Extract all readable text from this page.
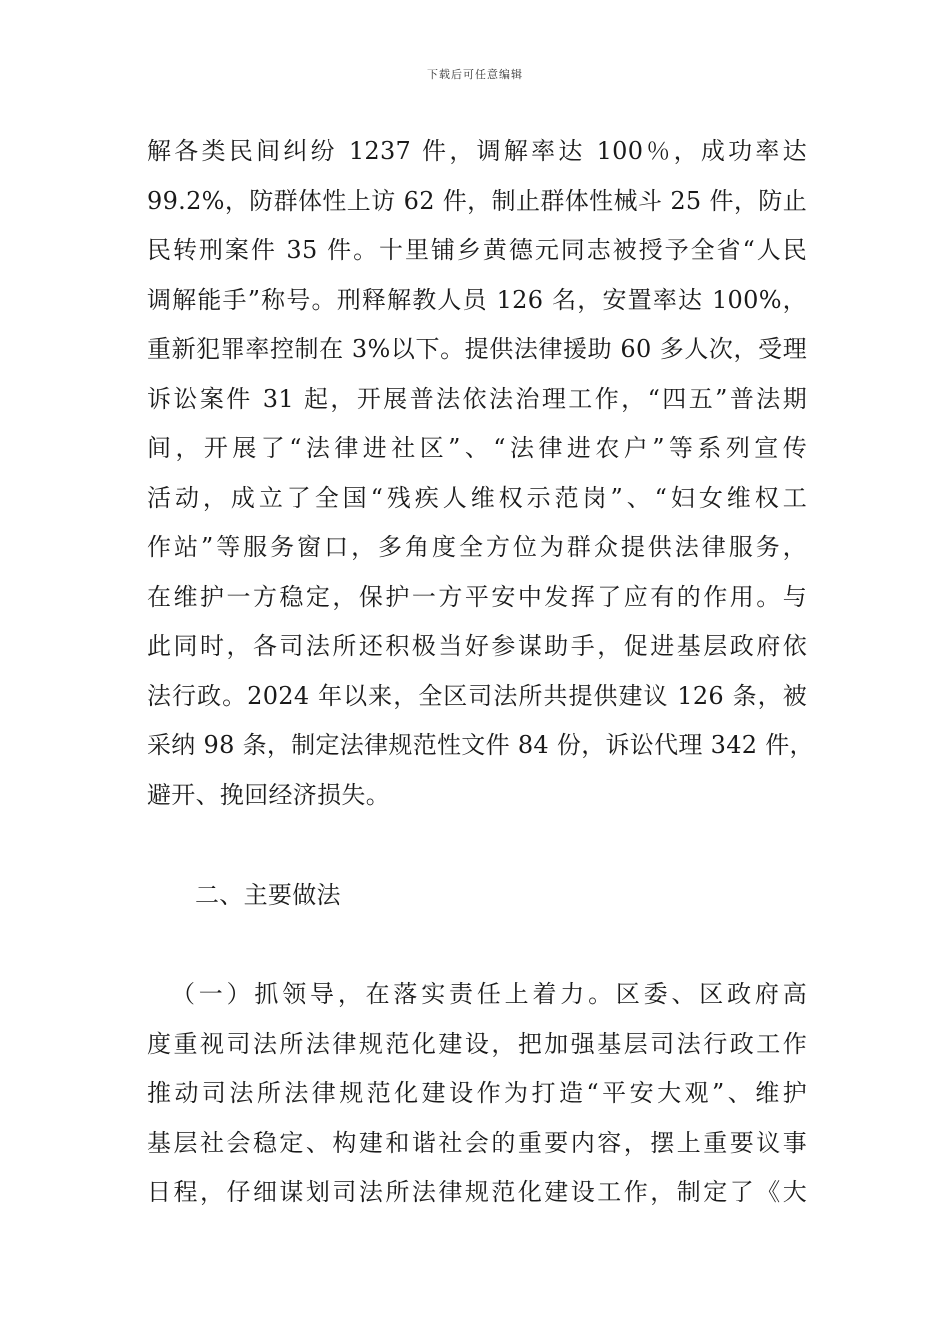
下载后可任意编辑
解各类民间纠纷 1237 件，调解率达 100％，成功率达
99.2%，防群体性上访 62 件，制止群体性械斗 25 件，防止
民转刑案件 35 件。十里铺乡黄德元同志被授予全省“人民
调解能手”称号。刑释解教人员 126 名，安置率达 100%，
重新犯罪率控制在 3%以下。提供法律援助 60 多人次，受理
诉讼案件 31 起，开展普法依法治理工作，“四五”普法期
间，开展了“法律进社区”、“法律进农户”等系列宣传
活动，成立了全国“残疾人维权示范岗”、“妇女维权工
作站”等服务窗口，多角度全方位为群众提供法律服务，
在维护一方稳定，保护一方平安中发挥了应有的作用。与
此同时，各司法所还积极当好参谋助手，促进基层政府依
法行政。2024 年以来，全区司法所共提供建议 126 条，被
采纳 98 条，制定法律规范性文件 84 份，诉讼代理 342 件，
避开、挽回经济损失。
二、主要做法
（一）抓领导，在落实责任上着力。区委、区政府高
度重视司法所法律规范化建设，把加强基层司法行政工作
推动司法所法律规范化建设作为打造“平安大观”、维护
基层社会稳定、构建和谐社会的重要内容，摆上重要议事
日程，仔细谋划司法所法律规范化建设工作，制定了《大
